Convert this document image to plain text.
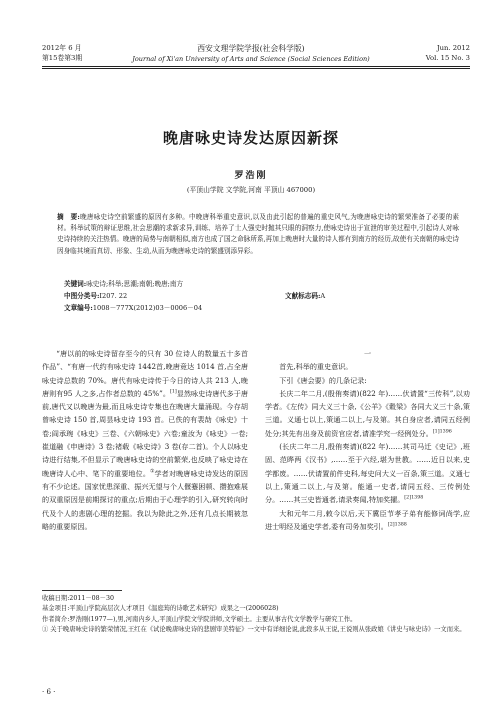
2012年 6 月
第15卷第3期
西安文理学院学报(社会科学版)
Journal of Xi'an University of Arts and Science (Social Sciences Edition)
Jun. 2012
Vol. 15 No. 3
晚唐咏史诗发达原因新探
罗浩刚
(平顶山学院 文学院,河南 平顶山 467000)
摘　要:晚唐咏史诗空前繁盛的原因有多种。中晚唐科举重史意识,以及由此引起的普遍的重史风气,为晚唐咏史诗的繁荣准备了必要的素材。科举试策的辩证思维,社会思潮的求新求异,训练、培养了士人强史时抛其只眼的洞察力,使咏史诗出于宣泄的审美过程中,引起诗人对咏史诗持续的关注热情。晚唐的局势与南朝相似,南方也成了国之命脉所系,再加上晚唐时大量的诗人都有到南方的经历,故使有关南朝的咏史诗因身临其境而真切、形象、生动,从而为晚唐咏史诗的繁盛别添异彩。
关键词:咏史诗;科举;思潮;南朝;晚唐;南方
中图分类号:I207. 22	文献标志码:A
文章编号:1008－777X(2012)03－0006－04

“唐以前的咏史诗留存至今的只有 30 位诗人的数量五十多首作品”、“有唐一代约有咏史诗 1442首,晚唐竟达 1014 首,占全唐咏史诗总数的 70%。唐代有咏史诗传于今日的诗人共 213 人,晚唐则有95 人之多,占作者总数的 45%”。[1]显然咏史诗唐代多于唐前,唐代又以晚唐为最,而且咏史诗专集也在晚唐大量涌现。今存胡曾咏史诗 150 首,周昙咏史诗 193 首。已佚的有裴劼《咏史》十卷;阎承琬《咏史》三卷、《六朝咏史》六卷;童汝为《咏史》一卷;崔道融《申唐诗》3 卷;褚载《咏史诗》3 卷(存二首)。个人以咏史诗进行结集,不但显示了晚唐咏史诗的空前繁荣,也反映了咏史诗在晚唐诗人心中、笔下的重要地位。①学者对晚唐咏史诗发达的原因有不少论述。国家忧患深重、振兴无望与个人偃蹇困顿、攒抱难展的双重原因是前期探讨的重点;后期由于心理学的引入,研究转向时代及个人的悲剧心理的挖掘。我以为除此之外,还有几点长期被忽略的重要原因。

一

首先,科举的重史意识。

下引《唐会要》的几条记录:

长庆二年二月,(殷侑奏请)(822 年)……伏请置“三传科”,以劝学者。《左传》同大义三十条,《公羊》《穀梁》各同大义三十条,策三道。义通七以上,策通二以上,与及第。其白身应者,请同五经例处分;其先有出身及前资官应者,请准学究一经例处分。$^{[1]1396}$

(长庆二年二月,殷侑奏请)(822 年)……其司马迁《史记》,班固、范晔两《汉书》,……至于六经,堪为世教。……近日以来,史学都废。……伏请置前件史科,每史问大义一百条,策三道。义通七以上,策通二以上,与及第。能通一史者,请同五经、三传例处分。……其三史皆通者,请录奏闻,特加奖擢。$^{[2]1398}$

大和元年二月,敕今以后,天下冀臣节孝子弟有能修词尚学,应进士明经及通史学者,委有司务加奖引。$^{[2]1388}$

收稿日期:2011－08－30

基金项目:平顶山学院高层次人才项目《温庭筠的诗歌艺术研究》成果之一(2006028)

作者简介:罗浩刚(1977—),男,河南内乡人,平顶山学院文学院讲师,文学硕士。主要从事古代文学教学与研究工作。

① 关于晚唐咏史诗的繁荣情况,王红在《试论晚唐咏史诗的悲剧审美特征》一文中有详细论说,此段多从王说,王说则从张政娘《讲史与咏史诗》一文而来。

· 6 ·
